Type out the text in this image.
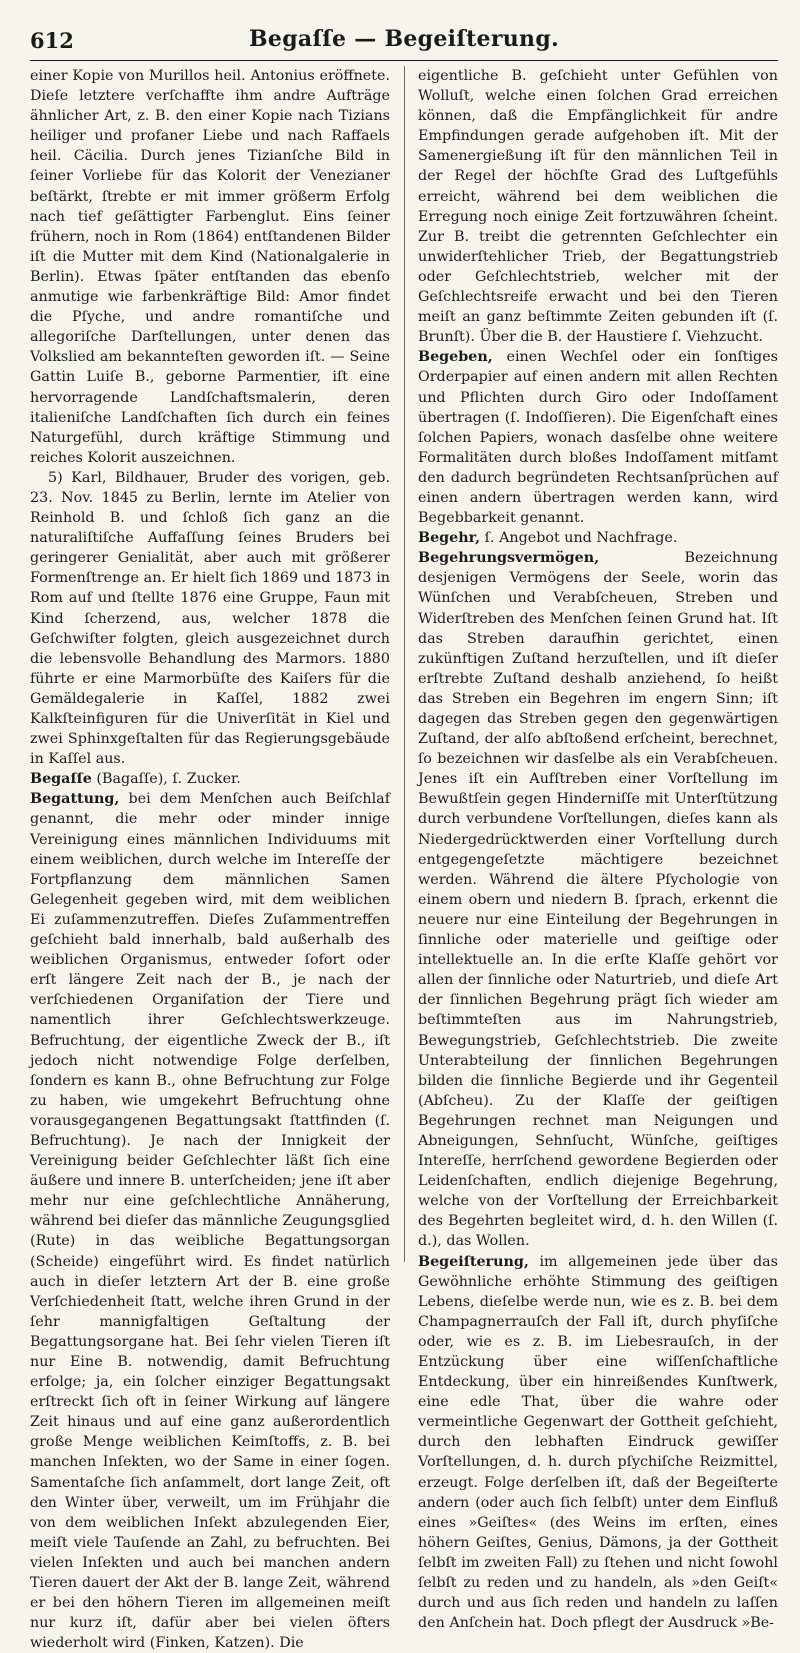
612	Begaſſe — Begeiſterung.

einer Kopie von Murillos heil. Antonius eröffnete. Dieſe letztere verſchaffte ihm andre Aufträge ähnlicher Art, z. B. den einer Kopie nach Tizians heiliger und profaner Liebe und nach Raffaels heil. Cäcilia. Durch jenes Tizianſche Bild in ſeiner Vorliebe für das Kolorit der Venezianer beſtärkt, ſtrebte er mit immer größerm Erfolg nach tief geſättigter Farbenglut. Eins ſeiner frühern, noch in Rom (1864) entſtandenen Bilder iſt die Mutter mit dem Kind (Nationalgalerie in Berlin). Etwas ſpäter entſtanden das ebenſo anmutige wie farbenkräftige Bild: Amor findet die Pſyche, und andre romantiſche und allegoriſche Darſtellungen, unter denen das Volkslied am bekannteſten geworden iſt. — Seine Gattin Luiſe B., geborne Parmentier, iſt eine hervorragende Landſchaftsmalerin, deren italieniſche Landſchaften ſich durch ein feines Naturgefühl, durch kräftige Stimmung und reiches Kolorit auszeichnen.

5) Karl, Bildhauer, Bruder des vorigen, geb. 23. Nov. 1845 zu Berlin, lernte im Atelier von Reinhold B. und ſchloß ſich ganz an die naturaliſtiſche Auffaſſung ſeines Bruders bei geringerer Genialität, aber auch mit größerer Formenſtrenge an. Er hielt ſich 1869 und 1873 in Rom auf und ſtellte 1876 eine Gruppe, Faun mit Kind ſcherzend, aus, welcher 1878 die Geſchwiſter folgten, gleich ausgezeichnet durch die lebensvolle Behandlung des Marmors. 1880 führte er eine Marmorbüſte des Kaiſers für die Gemäldegalerie in Kaſſel, 1882 zwei Kalkſteinfiguren für die Univerſität in Kiel und zwei Sphinxgeſtalten für das Regierungsgebäude in Kaſſel aus.

Begaſſe (Bagaſſe), ſ. Zucker.

Begattung, bei dem Menſchen auch Beiſchlaf genannt, die mehr oder minder innige Vereinigung eines männlichen Individuums mit einem weiblichen, durch welche im Intereſſe der Fortpflanzung dem männlichen Samen Gelegenheit gegeben wird, mit dem weiblichen Ei zuſammenzutreffen. Dieſes Zuſammentreffen geſchieht bald innerhalb, bald außerhalb des weiblichen Organismus, entweder ſofort oder erſt längere Zeit nach der B., je nach der verſchiedenen Organiſation der Tiere und namentlich ihrer Geſchlechtswerkzeuge. Befruchtung, der eigentliche Zweck der B., iſt jedoch nicht notwendige Folge derſelben, ſondern es kann B., ohne Befruchtung zur Folge zu haben, wie umgekehrt Befruchtung ohne vorausgegangenen Begattungsakt ſtattfinden (ſ. Befruchtung). Je nach der Innigkeit der Vereinigung beider Geſchlechter läßt ſich eine äußere und innere B. unterſcheiden; jene iſt aber mehr nur eine geſchlechtliche Annäherung, während bei dieſer das männliche Zeugungsglied (Rute) in das weibliche Begattungsorgan (Scheide) eingeführt wird. Es findet natürlich auch in dieſer letztern Art der B. eine große Verſchiedenheit ſtatt, welche ihren Grund in der ſehr mannigfaltigen Geſtaltung der Begattungsorgane hat. Bei ſehr vielen Tieren iſt nur Eine B. notwendig, damit Befruchtung erfolge; ja, ein ſolcher einziger Begattungsakt erſtreckt ſich oft in ſeiner Wirkung auf längere Zeit hinaus und auf eine ganz außerordentlich große Menge weiblichen Keimſtoffs, z. B. bei manchen Inſekten, wo der Same in einer ſogen. Samentaſche ſich anſammelt, dort lange Zeit, oft den Winter über, verweilt, um im Frühjahr die von dem weiblichen Inſekt abzulegenden Eier, meiſt viele Tauſende an Zahl, zu befruchten. Bei vielen Inſekten und auch bei manchen andern Tieren dauert der Akt der B. lange Zeit, während er bei den höhern Tieren im allgemeinen meiſt nur kurz iſt, dafür aber bei vielen öfters wiederholt wird (Finken, Katzen). Die

eigentliche B. geſchieht unter Gefühlen von Wolluſt, welche einen ſolchen Grad erreichen können, daß die Empfänglichkeit für andre Empfindungen gerade aufgehoben iſt. Mit der Samenergießung iſt für den männlichen Teil in der Regel der höchſte Grad des Luſtgefühls erreicht, während bei dem weiblichen die Erregung noch einige Zeit fortzuwähren ſcheint. Zur B. treibt die getrennten Geſchlechter ein unwiderſtehlicher Trieb, der Begattungstrieb oder Geſchlechtstrieb, welcher mit der Geſchlechtsreife erwacht und bei den Tieren meiſt an ganz beſtimmte Zeiten gebunden iſt (ſ. Brunſt). Über die B. der Haustiere ſ. Viehzucht.

Begeben, einen Wechſel oder ein ſonſtiges Orderpapier auf einen andern mit allen Rechten und Pflichten durch Giro oder Indoſſament übertragen (ſ. Indoſſieren). Die Eigenſchaft eines ſolchen Papiers, wonach dasſelbe ohne weitere Formalitäten durch bloßes Indoſſament mitſamt den dadurch begründeten Rechtsanſprüchen auf einen andern übertragen werden kann, wird Begebbarkeit genannt.

Begehr, ſ. Angebot und Nachfrage.

Begehrungsvermögen, Bezeichnung desjenigen Vermögens der Seele, worin das Wünſchen und Verabſcheuen, Streben und Widerſtreben des Menſchen ſeinen Grund hat. Iſt das Streben daraufhin gerichtet, einen zukünftigen Zuſtand herzuſtellen, und iſt dieſer erſtrebte Zuſtand deshalb anziehend, ſo heißt das Streben ein Begehren im engern Sinn; iſt dagegen das Streben gegen den gegenwärtigen Zuſtand, der alſo abſtoßend erſcheint, berechnet, ſo bezeichnen wir dasſelbe als ein Verabſcheuen. Jenes iſt ein Aufſtreben einer Vorſtellung im Bewußtſein gegen Hinderniſſe mit Unterſtützung durch verbundene Vorſtellungen, dieſes kann als Niedergedrücktwerden einer Vorſtellung durch entgegengeſetzte mächtigere bezeichnet werden. Während die ältere Pſychologie von einem obern und niedern B. ſprach, erkennt die neuere nur eine Einteilung der Begehrungen in ſinnliche oder materielle und geiſtige oder intellektuelle an. In die erſte Klaſſe gehört vor allen der ſinnliche oder Naturtrieb, und dieſe Art der ſinnlichen Begehrung prägt ſich wieder am beſtimmteſten aus im Nahrungstrieb, Bewegungstrieb, Geſchlechtstrieb. Die zweite Unterabteilung der ſinnlichen Begehrungen bilden die ſinnliche Begierde und ihr Gegenteil (Abſcheu). Zu der Klaſſe der geiſtigen Begehrungen rechnet man Neigungen und Abneigungen, Sehnſucht, Wünſche, geiſtiges Intereſſe, herrſchend gewordene Begierden oder Leidenſchaften, endlich diejenige Begehrung, welche von der Vorſtellung der Erreichbarkeit des Begehrten begleitet wird, d. h. den Willen (ſ. d.), das Wollen.

Begeiſterung, im allgemeinen jede über das Gewöhnliche erhöhte Stimmung des geiſtigen Lebens, dieſelbe werde nun, wie es z. B. bei dem Champagnerrauſch der Fall iſt, durch phyſiſche oder, wie es z. B. im Liebesrauſch, in der Entzückung über eine wiſſenſchaftliche Entdeckung, über ein hinreißendes Kunſtwerk, eine edle That, über die wahre oder vermeintliche Gegenwart der Gottheit geſchieht, durch den lebhaften Eindruck gewiſſer Vorſtellungen, d. h. durch pſychiſche Reizmittel, erzeugt. Folge derſelben iſt, daß der Begeiſterte andern (oder auch ſich ſelbſt) unter dem Einfluß eines »Geiſtes« (des Weins im erſten, eines höhern Geiſtes, Genius, Dämons, ja der Gottheit ſelbſt im zweiten Fall) zu ſtehen und nicht ſowohl ſelbſt zu reden und zu handeln, als »den Geiſt« durch und aus ſich reden und handeln zu laſſen den Anſchein hat. Doch pflegt der Ausdruck »Be-
